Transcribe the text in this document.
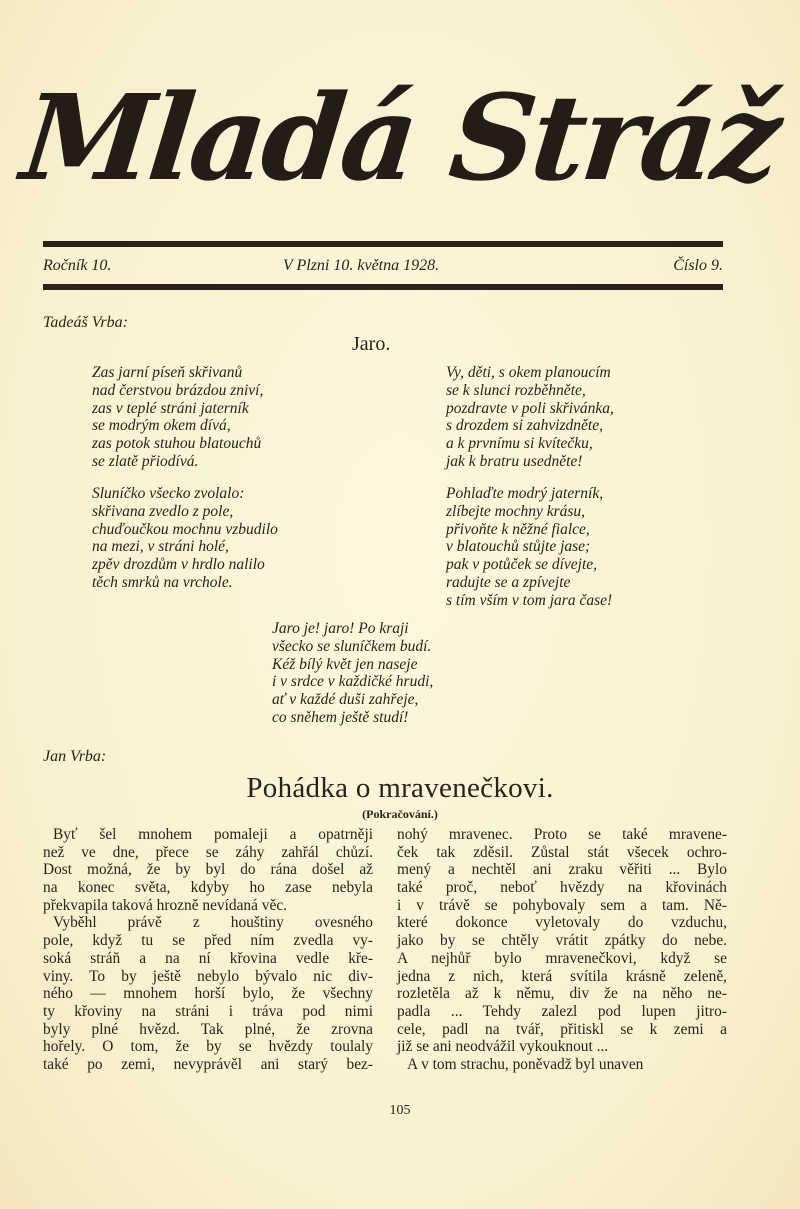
Mladá Stráž
Ročník 10.	V Plzni 10. května 1928.	Číslo 9.
Tadeáš Vrba:
Jaro.
Zas jarní píseň skřivanů
nad čerstvou brázdou zniví,
zas v teplé stráni jaterník
se modrým okem dívá,
zas potok stuhou blatouchů
se zlatě přiodívá.
Sluníčko všecko zvolalo:
skřivana zvedlo z pole,
chuďoučkou mochnu vzbudilo
na mezi, v stráni holé,
zpěv drozdům v hrdlo nalilo
těch smrků na vrchole.
Vy, děti, s okem planoucím
se k slunci rozběhněte,
pozdravte v poli skřivánka,
s drozdem si zahvizdněte,
a k prvnímu si kvítečku,
jak k bratru usedněte!
Pohlaďte modrý jaterník,
zlíbejte mochny krásu,
přivoňte k něžné fialce,
v blatouchů stůjte jase;
pak v potůček se dívejte,
radujte se a zpívejte
s tím vším v tom jara čase!
Jaro je! jaro! Po kraji
všecko se sluníčkem budí.
Kéž bílý květ jen naseje
i v srdce v každičké hrudi,
ať v každé duši zahřeje,
co sněhem ještě studí!
Jan Vrba:
Pohádka o mravenečkovi.
(Pokračování.)
Byť šel mnohem pomaleji a opatrněji
než ve dne, přece se záhy zahřál chůzí.
Dost možná, že by byl do rána došel až
na konec světa, kdyby ho zase nebyla
překvapila taková hrozně nevídaná věc.
Vyběhl právě z houštiny ovesného
pole, když tu se před ním zvedla vy-
soká stráň a na ní křovina vedle kře-
viny. To by ještě nebylo bývalo nic div-
ného — mnohem horší bylo, že všechny
ty křoviny na stráni i tráva pod nimi
byly plné hvězd. Tak plné, že zrovna
hořely. O tom, že by se hvězdy toulaly
také po zemi, nevyprávěl ani starý bez-
nohý mravenec. Proto se také mravene-
ček tak zděsil. Zůstal stát všecek ochro-
mený a nechtěl ani zraku věřiti ... Bylo
také proč, neboť hvězdy na křovinách
i v trávě se pohybovaly sem a tam. Ně-
které dokonce vyletovaly do vzduchu,
jako by se chtěly vrátit zpátky do nebe.
A nejhůř bylo mravenečkovi, když se
jedna z nich, která svítila krásně zeleně,
rozletěla až k němu, div že na něho ne-
padla ... Tehdy zalezl pod lupen jitro-
cele, padl na tvář, přitiskl se k zemi a
již se ani neodvážil vykouknout ...
A v tom strachu, poněvadž byl unaven
105
